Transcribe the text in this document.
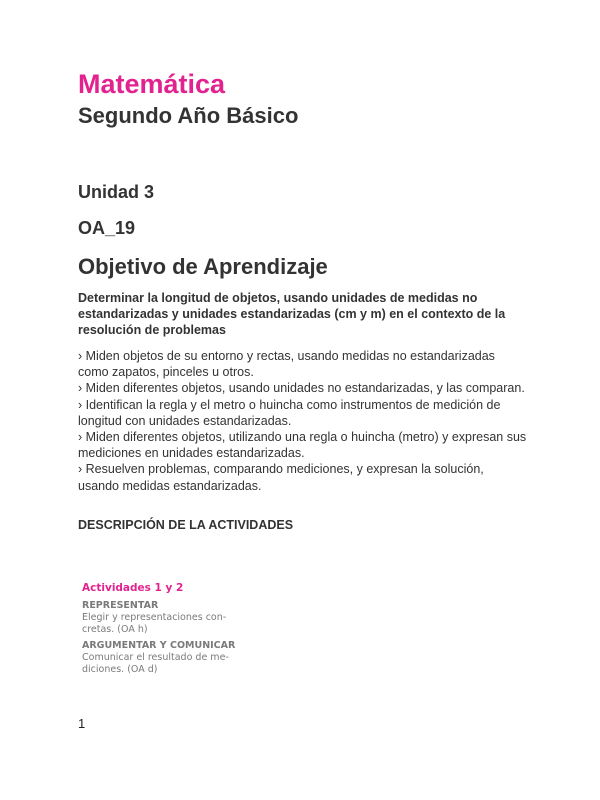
Matemática
Segundo Año Básico
Unidad 3
OA_19
Objetivo de Aprendizaje

Determinar la longitud de objetos, usando unidades de medidas no estandarizadas y unidades estandarizadas (cm y m) en el contexto de la resolución de problemas

› Miden objetos de su entorno y rectas, usando medidas no estandarizadas como zapatos, pinceles u otros.
› Miden diferentes objetos, usando unidades no estandarizadas, y las comparan.
› Identifican la regla y el metro o huincha como instrumentos de medición de longitud con unidades estandarizadas.
› Miden diferentes objetos, utilizando una regla o huincha (metro) y expresan sus mediciones en unidades estandarizadas.
› Resuelven problemas, comparando mediciones, y expresan la solución, usando medidas estandarizadas.
DESCRIPCIÓN DE LA ACTIVIDADES
Actividades 1 y 2
REPRESENTAR
Elegir y representaciones con-
cretas. (OA h)
ARGUMENTAR Y COMUNICAR
Comunicar el resultado de me-
diciones. (OA d)
1
